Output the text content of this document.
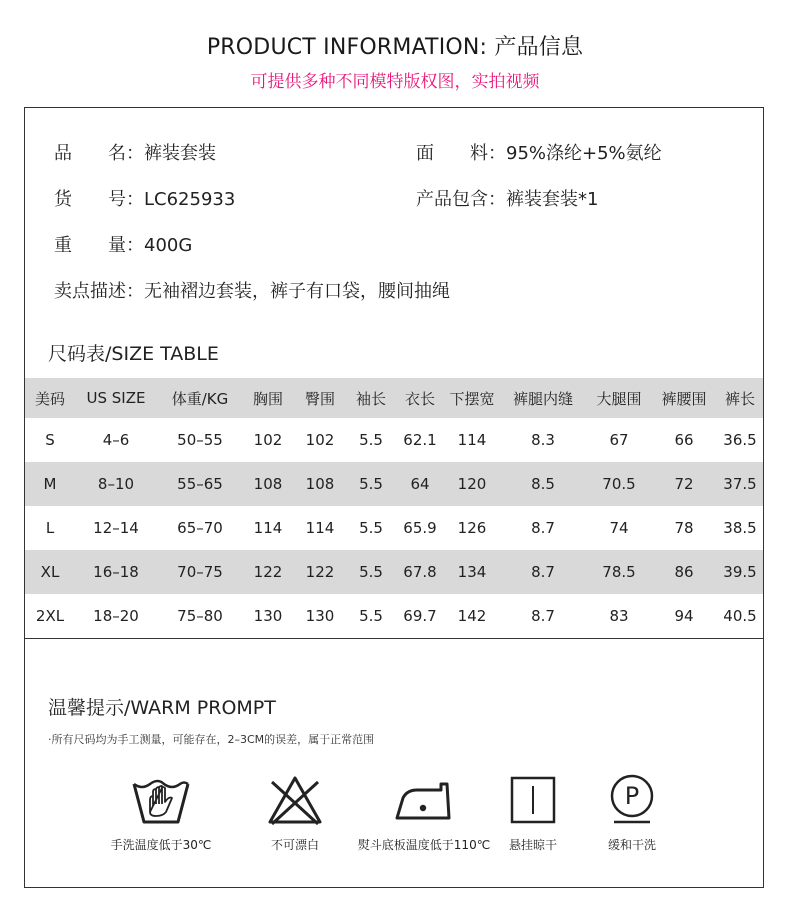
PRODUCT INFORMATION: 产品信息
可提供多种不同模特版权图，实拍视频
品　　名：裤装套装	面　　料：95%涤纶+5%氨纶
货　　号：LC625933	产品包含：裤装套装*1
重　　量：400G
卖点描述：无袖褶边套装，裤子有口袋，腰间抽绳
尺码表/SIZE TABLE
美码	US SIZE	体重/KG	胸围	臀围	袖长	衣长	下摆宽	裤腿内缝	大腿围	裤腰围	裤长
S	4–6	50–55	102	102	5.5	62.1	114	8.3	67	66	36.5
M	8–10	55–65	108	108	5.5	64	120	8.5	70.5	72	37.5
L	12–14	65–70	114	114	5.5	65.9	126	8.7	74	78	38.5
XL	16–18	70–75	122	122	5.5	67.8	134	8.7	78.5	86	39.5
2XL	18–20	75–80	130	130	5.5	69.7	142	8.7	83	94	40.5
温馨提示/WARM PROMPT
·所有尺码均为手工测量，可能存在，2–3CM的误差，属于正常范围
手洗温度低于30℃	不可漂白	熨斗底板温度低于110℃	悬挂晾干
P
缓和干洗
